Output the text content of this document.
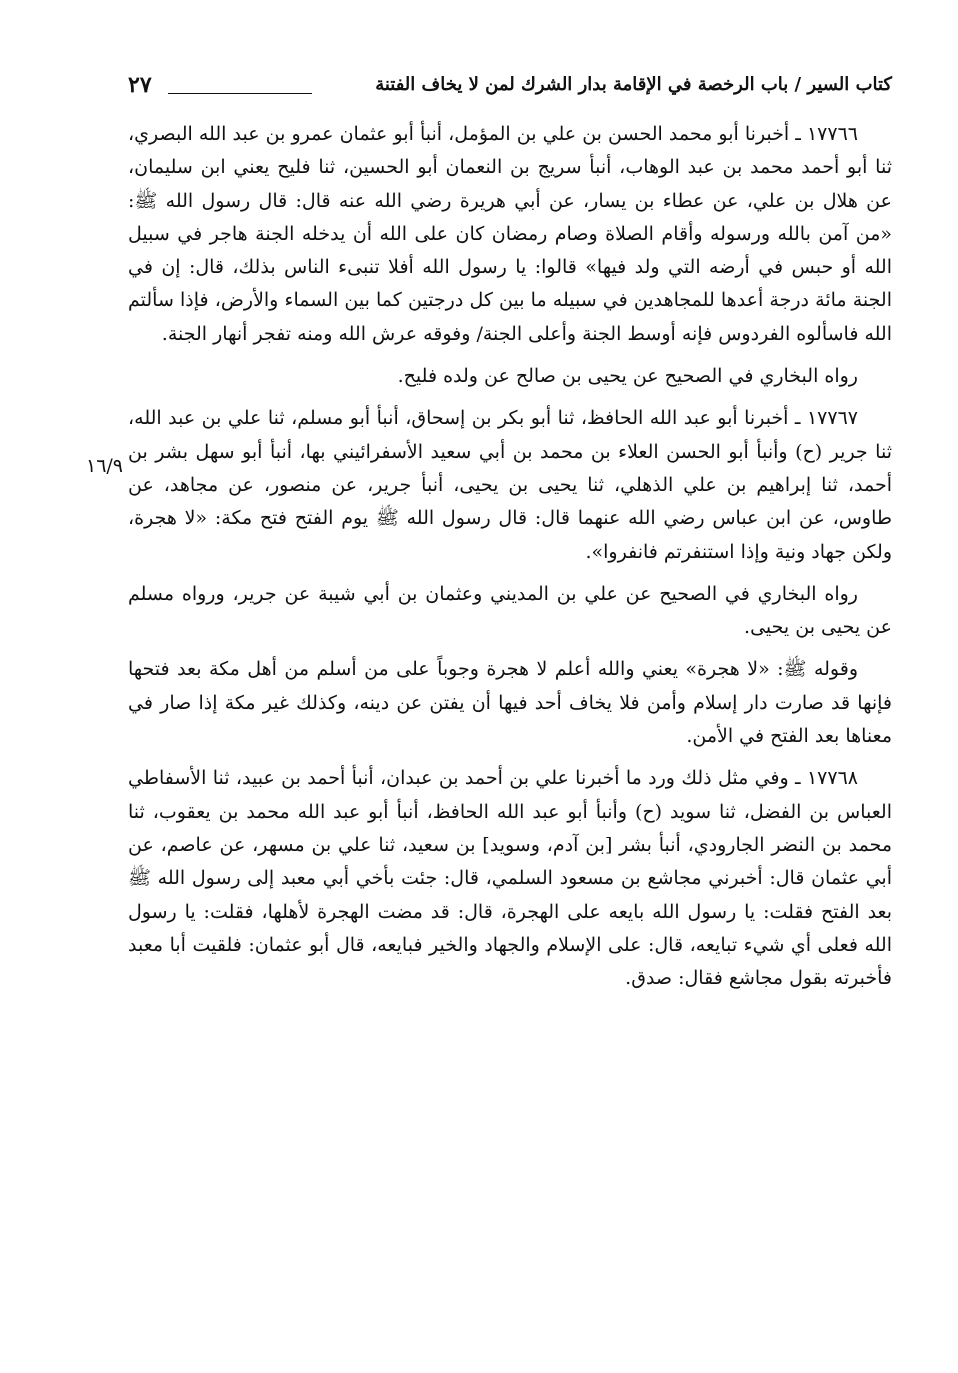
كتاب السير / باب الرخصة في الإقامة بدار الشرك لمن لا يخاف الفتنة
٢٧
١٦/٩

١٧٧٦٦ ـ أخبرنا أبو محمد الحسن بن علي بن المؤمل، أنبأ أبو عثمان عمرو بن عبد الله البصري، ثنا أبو أحمد محمد بن عبد الوهاب، أنبأ سريج بن النعمان أبو الحسين، ثنا فليح يعني ابن سليمان، عن هلال بن علي، عن عطاء بن يسار، عن أبي هريرة رضي الله عنه قال: قال رسول الله ﷺ: «من آمن بالله ورسوله وأقام الصلاة وصام رمضان كان على الله أن يدخله الجنة هاجر في سبيل الله أو حبس في أرضه التي ولد فيها» قالوا: يا رسول الله أفلا تنبىء الناس بذلك، قال: إن في الجنة مائة درجة أعدها للمجاهدين في سبيله ما بين كل درجتين كما بين السماء والأرض، فإذا سألتم الله فاسألوه الفردوس فإنه أوسط الجنة وأعلى الجنة/ وفوقه عرش الله ومنه تفجر أنهار الجنة.

رواه البخاري في الصحيح عن يحيى بن صالح عن ولده فليح.

١٧٧٦٧ ـ أخبرنا أبو عبد الله الحافظ، ثنا أبو بكر بن إسحاق، أنبأ أبو مسلم، ثنا علي بن عبد الله، ثنا جرير (ح) وأنبأ أبو الحسن العلاء بن محمد بن أبي سعيد الأسفرائيني بها، أنبأ أبو سهل بشر بن أحمد، ثنا إبراهيم بن علي الذهلي، ثنا يحيى بن يحيى، أنبأ جرير، عن منصور، عن مجاهد، عن طاوس، عن ابن عباس رضي الله عنهما قال: قال رسول الله ﷺ يوم الفتح فتح مكة: «لا هجرة، ولكن جهاد ونية وإذا استنفرتم فانفروا».

رواه البخاري في الصحيح عن علي بن المديني وعثمان بن أبي شيبة عن جرير، ورواه مسلم عن يحيى بن يحيى.

وقوله ﷺ: «لا هجرة» يعني والله أعلم لا هجرة وجوباً على من أسلم من أهل مكة بعد فتحها فإنها قد صارت دار إسلام وأمن فلا يخاف أحد فيها أن يفتن عن دينه، وكذلك غير مكة إذا صار في معناها بعد الفتح في الأمن.

١٧٧٦٨ ـ وفي مثل ذلك ورد ما أخبرنا علي بن أحمد بن عبدان، أنبأ أحمد بن عبيد، ثنا الأسفاطي العباس بن الفضل، ثنا سويد (ح) وأنبأ أبو عبد الله الحافظ، أنبأ أبو عبد الله محمد بن يعقوب، ثنا محمد بن النضر الجارودي، أنبأ بشر [بن آدم، وسويد] بن سعيد، ثنا علي بن مسهر، عن عاصم، عن أبي عثمان قال: أخبرني مجاشع بن مسعود السلمي، قال: جئت بأخي أبي معبد إلى رسول الله ﷺ بعد الفتح فقلت: يا رسول الله بايعه على الهجرة، قال: قد مضت الهجرة لأهلها، فقلت: يا رسول الله فعلى أي شيء تبايعه، قال: على الإسلام والجهاد والخير فبايعه، قال أبو عثمان: فلقيت أبا معبد فأخبرته بقول مجاشع فقال: صدق.
